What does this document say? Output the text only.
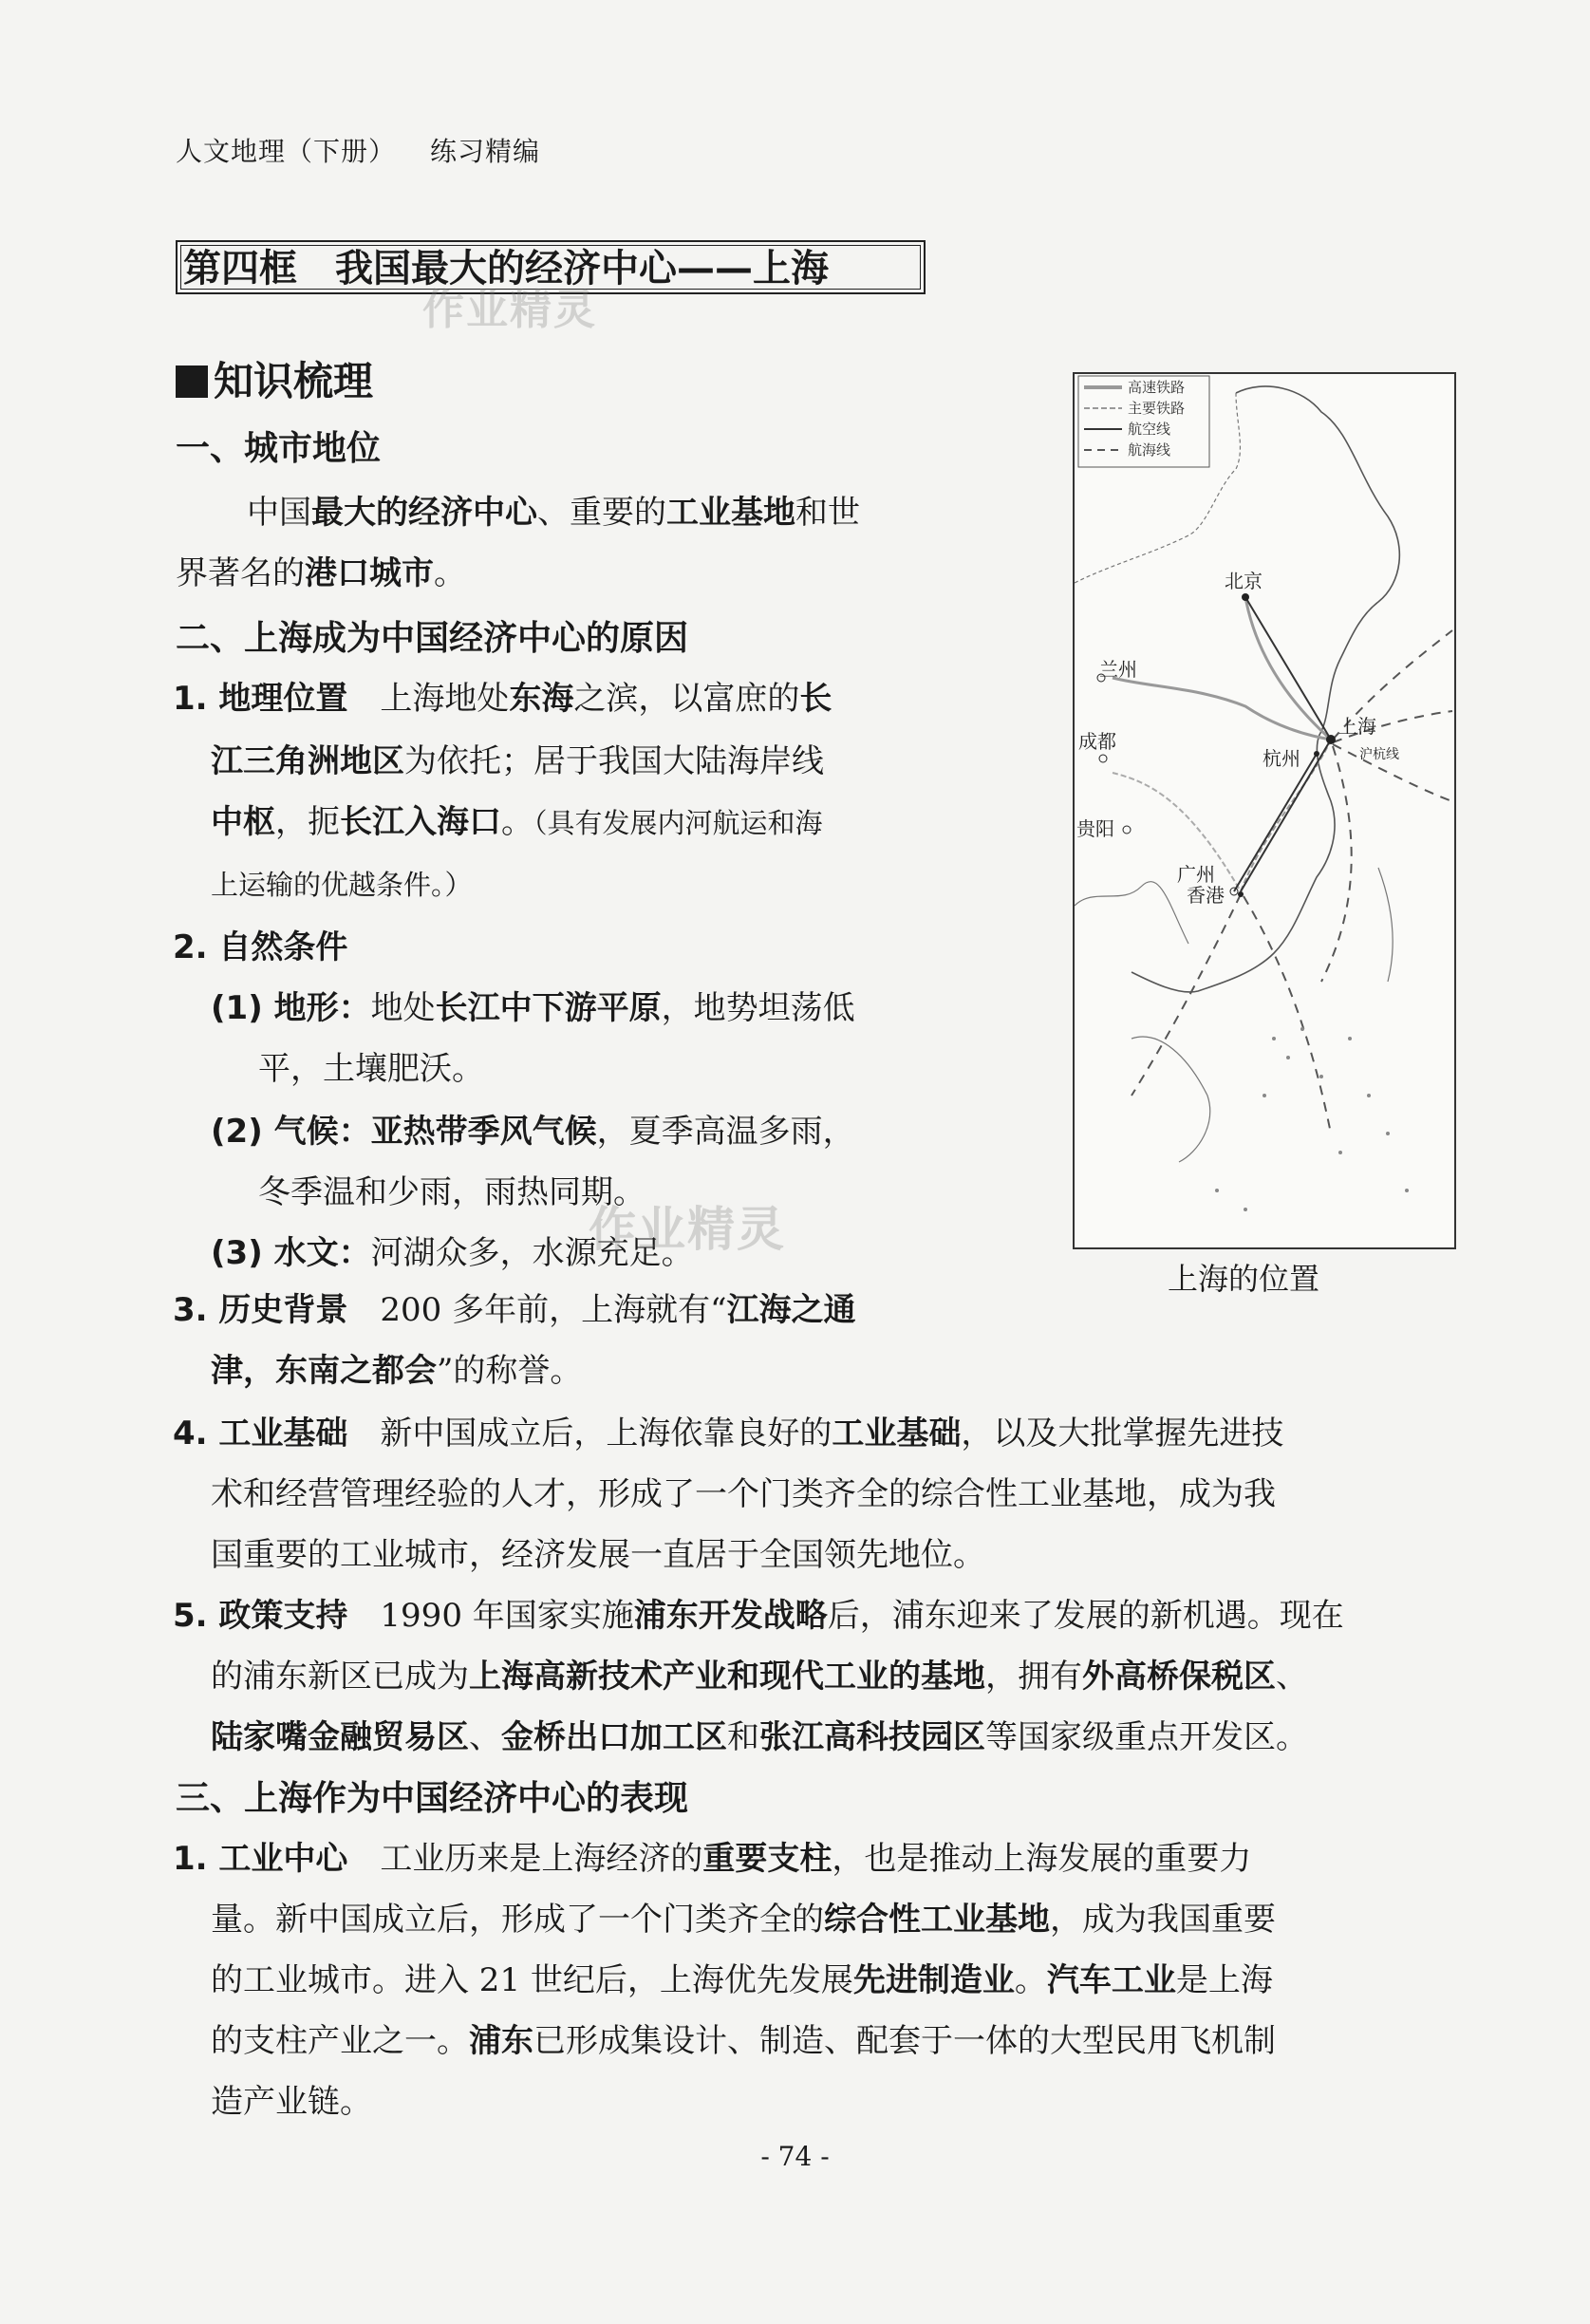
人文地理（下册） 练习精编
第四框 我国最大的经济中心——上海
作业精灵
知识梳理
一、城市地位
中国最大的经济中心、重要的工业基地和世
界著名的港口城市。
二、上海成为中国经济中心的原因
1. 地理位置 上海地处东海之滨，以富庶的长
江三角洲地区为依托；居于我国大陆海岸线
中枢，扼长江入海口。（具有发展内河航运和海
上运输的优越条件。）
2. 自然条件
(1) 地形：地处长江中下游平原，地势坦荡低
平，土壤肥沃。
(2) 气候：亚热带季风气候，夏季高温多雨，
冬季温和少雨，雨热同期。
(3) 水文：河湖众多，水源充足。
作业精灵
3. 历史背景 200 多年前，上海就有“江海之通
津，东南之都会”的称誉。
4. 工业基础 新中国成立后，上海依靠良好的工业基础，以及大批掌握先进技
术和经营管理经验的人才，形成了一个门类齐全的综合性工业基地，成为我
国重要的工业城市，经济发展一直居于全国领先地位。
5. 政策支持 1990 年国家实施浦东开发战略后，浦东迎来了发展的新机遇。现在
的浦东新区已成为上海高新技术产业和现代工业的基地，拥有外高桥保税区、
陆家嘴金融贸易区、金桥出口加工区和张江高科技园区等国家级重点开发区。
三、上海作为中国经济中心的表现
1. 工业中心 工业历来是上海经济的重要支柱，也是推动上海发展的重要力
量。新中国成立后，形成了一个门类齐全的综合性工业基地，成为我国重要
的工业城市。进入 21 世纪后，上海优先发展先进制造业。汽车工业是上海
的支柱产业之一。浦东已形成集设计、制造、配套于一体的大型民用飞机制
造产业链。
高速铁路
主要铁路
航空线
航海线
北京
兰州
成都
杭州
上海
沪杭线
贵阳
广州
香港
上海的位置
- 74 -
